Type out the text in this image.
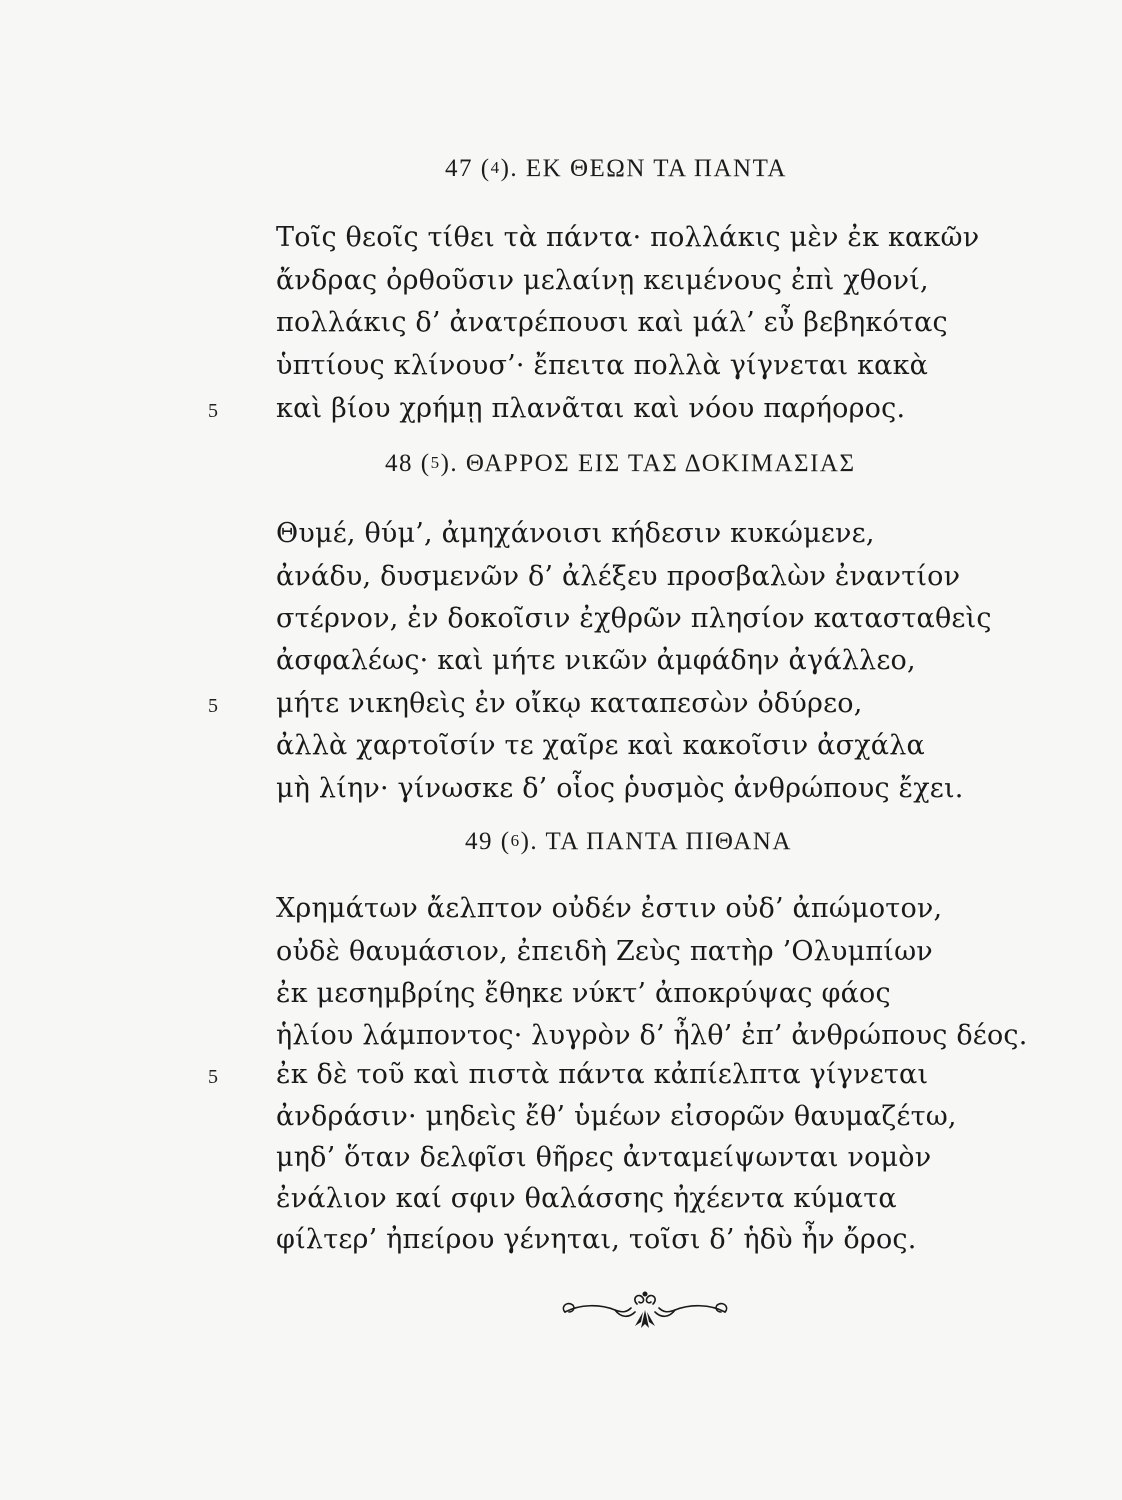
47 (4). ΕΚ ΘΕΩΝ ΤΑ ΠΑΝΤΑ
Τοῖς θεοῖς τίθει τὰ πάντα· πολλάκις μὲν ἐκ κακῶν
ἄνδρας ὀρθοῦσιν μελαίνῃ κειμένους ἐπὶ χθονί,
πολλάκις δ’ ἀνατρέπουσι καὶ μάλ’ εὖ βεβηκότας
ὑπτίους κλίνουσ’· ἔπειτα πολλὰ γίγνεται κακὰ
5 καὶ βίου χρήμῃ πλανᾶται καὶ νόου παρήορος.
48 (5). ΘΑΡΡΟΣ ΕΙΣ ΤΑΣ ΔΟΚΙΜΑΣΙΑΣ
Θυμέ, θύμ’, ἀμηχάνοισι κήδεσιν κυκώμενε,
ἀνάδυ, δυσμενῶν δ’ ἀλέξευ προσβαλὼν ἐναντίον
στέρνον, ἐν δοκοῖσιν ἐχθρῶν πλησίον κατασταθεὶς
ἀσφαλέως· καὶ μήτε νικῶν ἀμφάδην ἀγάλλεο,
5 μήτε νικηθεὶς ἐν οἴκῳ καταπεσὼν ὀδύρεο,
ἀλλὰ χαρτοῖσίν τε χαῖρε καὶ κακοῖσιν ἀσχάλα
μὴ λίην· γίνωσκε δ’ οἷος ῥυσμὸς ἀνθρώπους ἔχει.
49 (6). ΤΑ ΠΑΝΤΑ ΠΙΘΑΝΑ
Χρημάτων ἄελπτον οὐδέν ἐστιν οὐδ’ ἀπώμοτον,
οὐδὲ θαυμάσιον, ἐπειδὴ Ζεὺς πατὴρ ’Ολυμπίων
ἐκ μεσημβρίης ἔθηκε νύκτ’ ἀποκρύψας φάος
ἡλίου λάμποντος· λυγρὸν δ’ ἦλθ’ ἐπ’ ἀνθρώπους δέος.
5 ἐκ δὲ τοῦ καὶ πιστὰ πάντα κἀπίελπτα γίγνεται
ἀνδράσιν· μηδεὶς ἔθ’ ὑμέων εἰσορῶν θαυμαζέτω,
μηδ’ ὅταν δελφῖσι θῆρες ἀνταμείψωνται νομὸν
ἐνάλιον καί σφιν θαλάσσης ἠχέεντα κύματα
φίλτερ’ ἠπείρου γένηται, τοῖσι δ’ ἡδὺ ἦν ὄρος.
